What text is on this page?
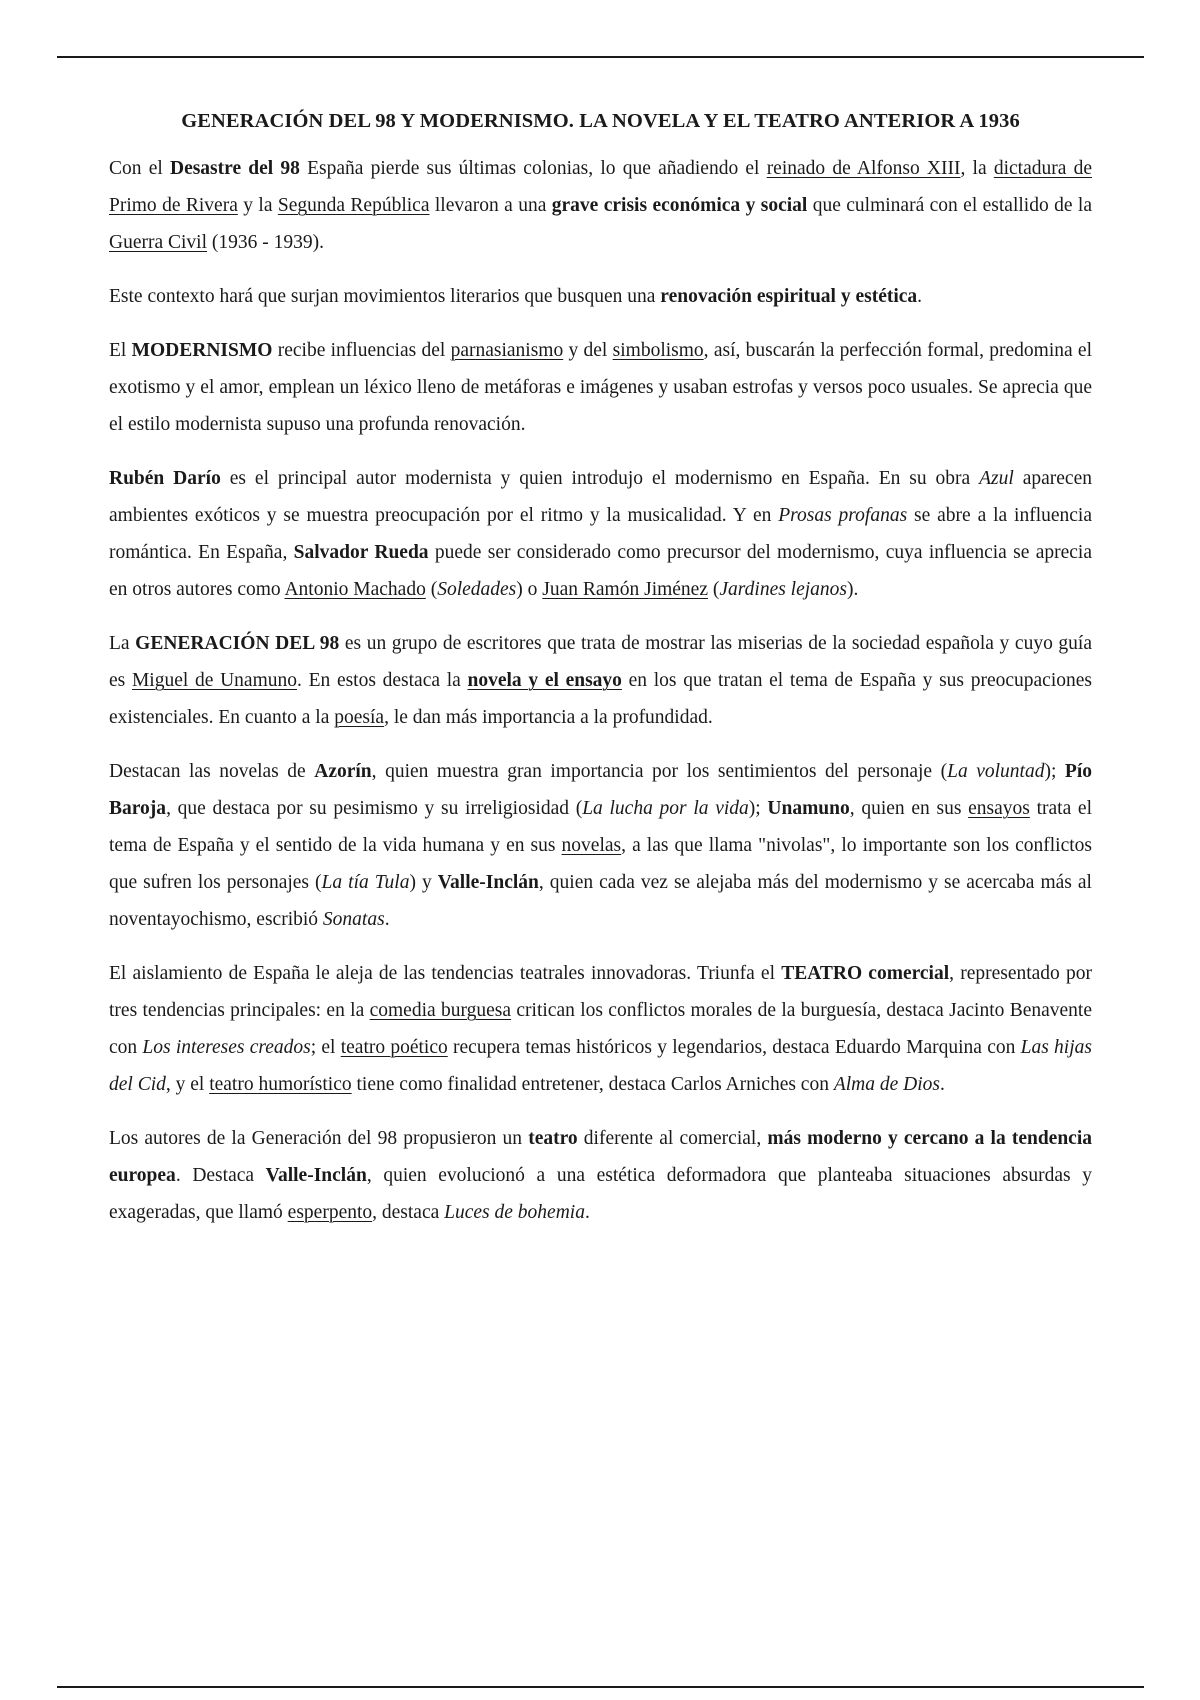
GENERACIÓN DEL 98 Y MODERNISMO. LA NOVELA Y EL TEATRO ANTERIOR A 1936

Con el Desastre del 98 España pierde sus últimas colonias, lo que añadiendo el reinado de Alfonso XIII, la dictadura de Primo de Rivera y la Segunda República llevaron a una grave crisis económica y social que culminará con el estallido de la Guerra Civil (1936 - 1939).

Este contexto hará que surjan movimientos literarios que busquen una renovación espiritual y estética.

El MODERNISMO recibe influencias del parnasianismo y del simbolismo, así, buscarán la perfección formal, predomina el exotismo y el amor, emplean un léxico lleno de metáforas e imágenes y usaban estrofas y versos poco usuales. Se aprecia que el estilo modernista supuso una profunda renovación.

Rubén Darío es el principal autor modernista y quien introdujo el modernismo en España. En su obra Azul aparecen ambientes exóticos y se muestra preocupación por el ritmo y la musicalidad. Y en Prosas profanas se abre a la influencia romántica. En España, Salvador Rueda puede ser considerado como precursor del modernismo, cuya influencia se aprecia en otros autores como Antonio Machado (Soledades) o Juan Ramón Jiménez (Jardines lejanos).

La GENERACIÓN DEL 98 es un grupo de escritores que trata de mostrar las miserias de la sociedad española y cuyo guía es Miguel de Unamuno. En estos destaca la novela y el ensayo en los que tratan el tema de España y sus preocupaciones existenciales. En cuanto a la poesía, le dan más importancia a la profundidad.

Destacan las novelas de Azorín, quien muestra gran importancia por los sentimientos del personaje (La voluntad); Pío Baroja, que destaca por su pesimismo y su irreligiosidad (La lucha por la vida); Unamuno, quien en sus ensayos trata el tema de España y el sentido de la vida humana y en sus novelas, a las que llama "nivolas", lo importante son los conflictos que sufren los personajes (La tía Tula) y Valle-Inclán, quien cada vez se alejaba más del modernismo y se acercaba más al noventayochismo, escribió Sonatas.

El aislamiento de España le aleja de las tendencias teatrales innovadoras. Triunfa el TEATRO comercial, representado por tres tendencias principales: en la comedia burguesa critican los conflictos morales de la burguesía, destaca Jacinto Benavente con Los intereses creados; el teatro poético recupera temas históricos y legendarios, destaca Eduardo Marquina con Las hijas del Cid, y el teatro humorístico tiene como finalidad entretener, destaca Carlos Arniches con Alma de Dios.

Los autores de la Generación del 98 propusieron un teatro diferente al comercial, más moderno y cercano a la tendencia europea. Destaca Valle-Inclán, quien evolucionó a una estética deformadora que planteaba situaciones absurdas y exageradas, que llamó esperpento, destaca Luces de bohemia.
